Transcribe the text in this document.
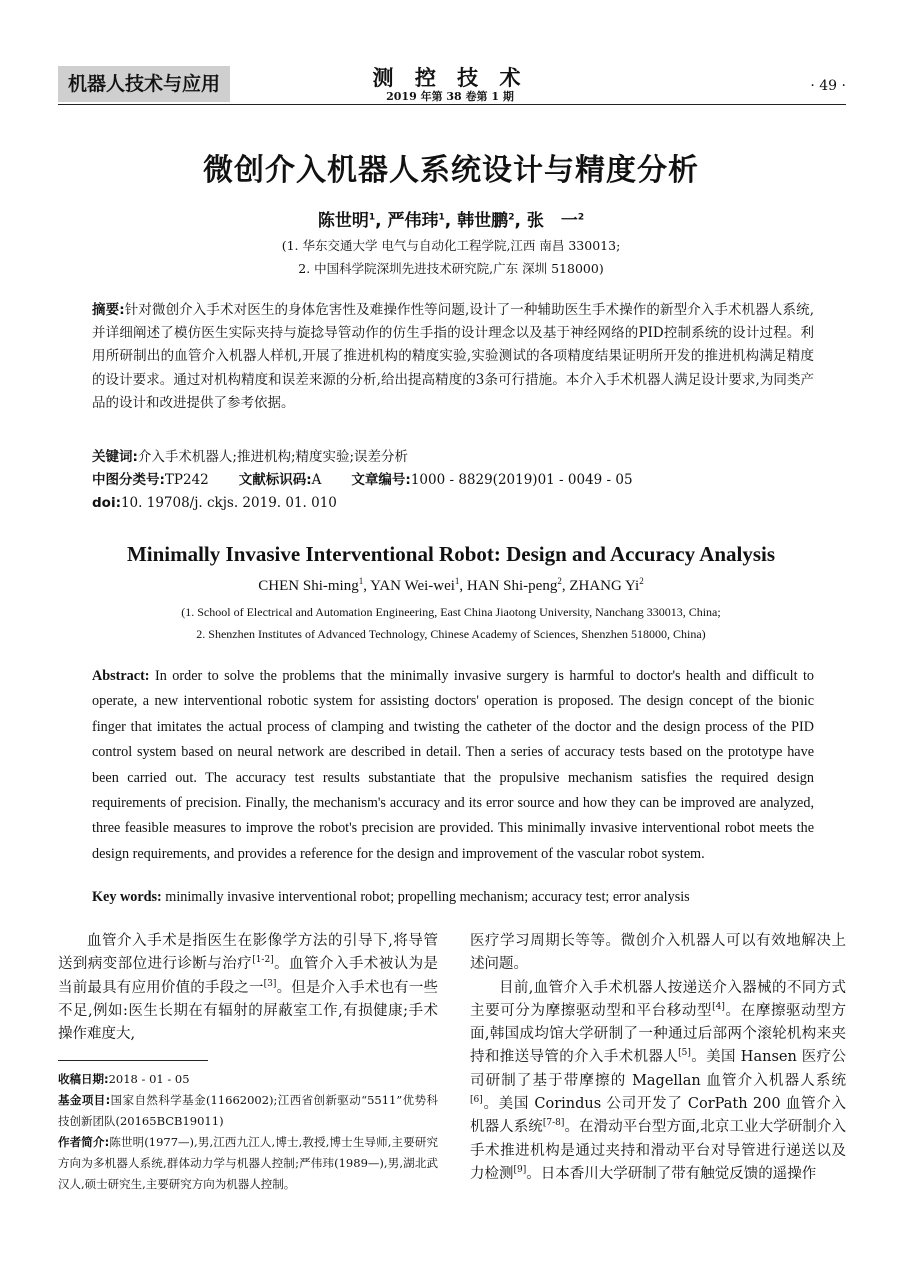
机器人技术与应用	测 控 技 术
2019 年第 38 卷第 1 期
· 49 ·
微创介入机器人系统设计与精度分析
陈世明$^1$, 严伟玮$^1$, 韩世鹏$^2$, 张　一$^2$
(1. 华东交通大学 电气与自动化工程学院,江西 南昌 330013;
2. 中国科学院深圳先进技术研究院,广东 深圳 518000)
摘要:针对微创介入手术对医生的身体危害性及难操作性等问题,设计了一种辅助医生手术操作的新型介入手术机器人系统,并详细阐述了模仿医生实际夹持与旋捻导管动作的仿生手指的设计理念以及基于神经网络的PID控制系统的设计过程。利用所研制出的血管介入机器人样机,开展了推进机构的精度实验,实验测试的各项精度结果证明所开发的推进机构满足精度的设计要求。通过对机构精度和误差来源的分析,给出提高精度的3条可行措施。本介入手术机器人满足设计要求,为同类产品的设计和改进提供了参考依据。
关键词:介入手术机器人;推进机构;精度实验;误差分析
中图分类号:TP242 文献标识码:A 文章编号:1000 - 8829(2019)01 - 0049 - 05
doi:10. 19708/j. ckjs. 2019. 01. 010
Minimally Invasive Interventional Robot: Design and Accuracy Analysis
CHEN Shi-ming$^1$, YAN Wei-wei$^1$, HAN Shi-peng$^2$, ZHANG Yi$^2$
(1. School of Electrical and Automation Engineering, East China Jiaotong University, Nanchang 330013, China;
2. Shenzhen Institutes of Advanced Technology, Chinese Academy of Sciences, Shenzhen 518000, China)
Abstract: In order to solve the problems that the minimally invasive surgery is harmful to doctor's health and difficult to operate, a new interventional robotic system for assisting doctors' operation is proposed. The design concept of the bionic finger that imitates the actual process of clamping and twisting the catheter of the doctor and the design process of the PID control system based on neural network are described in detail. Then a series of accuracy tests based on the prototype have been carried out. The accuracy test results substantiate that the propulsive mechanism satisfies the required design requirements of precision. Finally, the mechanism's accuracy and its error source and how they can be improved are analyzed, three feasible measures to improve the robot's precision are provided. This minimally invasive interventional robot meets the design requirements, and provides a reference for the design and improvement of the vascular robot system.
Key words: minimally invasive interventional robot; propelling mechanism; accuracy test; error analysis

血管介入手术是指医生在影像学方法的引导下,将导管送到病变部位进行诊断与治疗[1-2]。血管介入手术被认为是当前最具有应用价值的手段之一[3]。但是介入手术也有一些不足,例如:医生长期在有辐射的屏蔽室工作,有损健康;手术操作难度大,

收稿日期:2018 - 01 - 05
基金项目:国家自然科学基金(11662002);江西省创新驱动“5511”优势科技创新团队(20165BCB19011)
作者简介:陈世明(1977—),男,江西九江人,博士,教授,博士生导师,主要研究方向为多机器人系统,群体动力学与机器人控制;严伟玮(1989—),男,湖北武汉人,硕士研究生,主要研究方向为机器人控制。

医疗学习周期长等等。微创介入机器人可以有效地解决上述问题。

目前,血管介入手术机器人按递送介入器械的不同方式主要可分为摩擦驱动型和平台移动型[4]。在摩擦驱动型方面,韩国成均馆大学研制了一种通过后部两个滚轮机构来夹持和推送导管的介入手术机器人[5]。美国 Hansen 医疗公司研制了基于带摩擦的 Magellan 血管介入机器人系统[6]。美国 Corindus 公司开发了 CorPath 200 血管介入机器人系统[7-8]。在滑动平台型方面,北京工业大学研制介入手术推进机构是通过夹持和滑动平台对导管进行递送以及力检测[9]。日本香川大学研制了带有触觉反馈的遥操作
